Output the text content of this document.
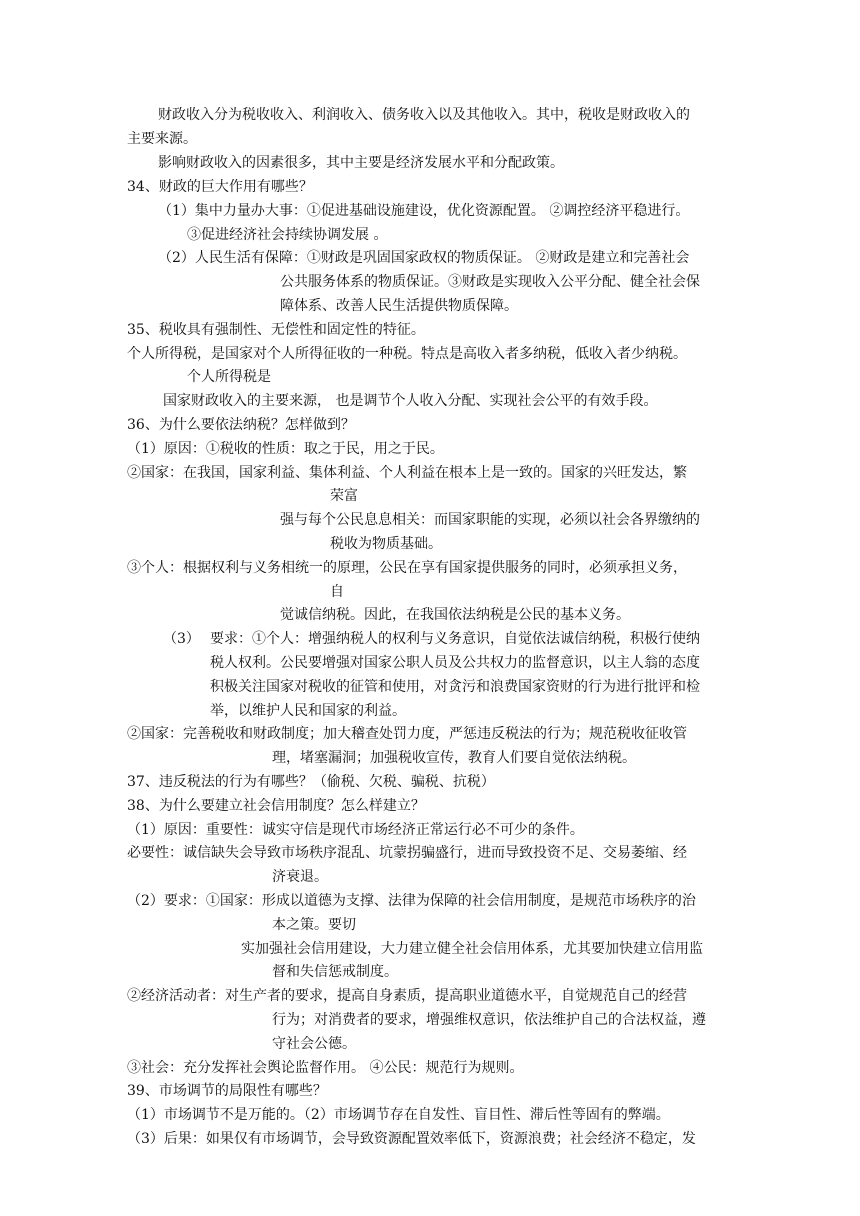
财政收入分为税收收入、利润收入、债务收入以及其他收入。其中，税收是财政收入的
主要来源。
影响财政收入的因素很多，其中主要是经济发展水平和分配政策。
34、财政的巨大作用有哪些？
（1）集中力量办大事：①促进基础设施建设，优化资源配置。 ②调控经济平稳进行。
③促进经济社会持续协调发展 。
（2）人民生活有保障：①财政是巩固国家政权的物质保证。 ②财政是建立和完善社会
公共服务体系的物质保证。③财政是实现收入公平分配、健全社会保
障体系、改善人民生活提供物质保障。
35、税收具有强制性、无偿性和固定性的特征。
个人所得税，是国家对个人所得征收的一种税。特点是高收入者多纳税，低收入者少纳税。
个人所得税是
国家财政收入的主要来源， 也是调节个人收入分配、实现社会公平的有效手段。
36、为什么要依法纳税？怎样做到？
（1）原因：①税收的性质：取之于民，用之于民。
②国家：在我国，国家利益、集体利益、个人利益在根本上是一致的。国家的兴旺发达，繁
荣富
强与每个公民息息相关：而国家职能的实现，必须以社会各界缴纳的
税收为物质基础。
③个人：根据权利与义务相统一的原理，公民在享有国家提供服务的同时，必须承担义务，
自
觉诚信纳税。因此，在我国依法纳税是公民的基本义务。
（3） 要求：①个人：增强纳税人的权利与义务意识，自觉依法诚信纳税，积极行使纳
税人权利。公民要增强对国家公职人员及公共权力的监督意识，以主人翁的态度
积极关注国家对税收的征管和使用，对贪污和浪费国家资财的行为进行批评和检
举，以维护人民和国家的利益。
②国家：完善税收和财政制度；加大稽查处罚力度，严惩违反税法的行为；规范税收征收管
理，堵塞漏洞；加强税收宣传，教育人们要自觉依法纳税。
37、违反税法的行为有哪些？（偷税、欠税、骗税、抗税）
38、为什么要建立社会信用制度？怎么样建立？
（1）原因：重要性：诚实守信是现代市场经济正常运行必不可少的条件。
必要性：诚信缺失会导致市场秩序混乱、坑蒙拐骗盛行，进而导致投资不足、交易萎缩、经
济衰退。
（2）要求：①国家：形成以道德为支撑、法律为保障的社会信用制度，是规范市场秩序的治
本之策。要切
实加强社会信用建设，大力建立健全社会信用体系，尤其要加快建立信用监
督和失信惩戒制度。
②经济活动者：对生产者的要求，提高自身素质，提高职业道德水平，自觉规范自己的经营
行为；对消费者的要求，增强维权意识，依法维护自己的合法权益，遵
守社会公德。
③社会：充分发挥社会舆论监督作用。 ④公民：规范行为规则。
39、市场调节的局限性有哪些？
（1）市场调节不是万能的。（2）市场调节存在自发性、盲目性、滞后性等固有的弊端。
（3）后果：如果仅有市场调节，会导致资源配置效率低下，资源浪费；社会经济不稳定，发
